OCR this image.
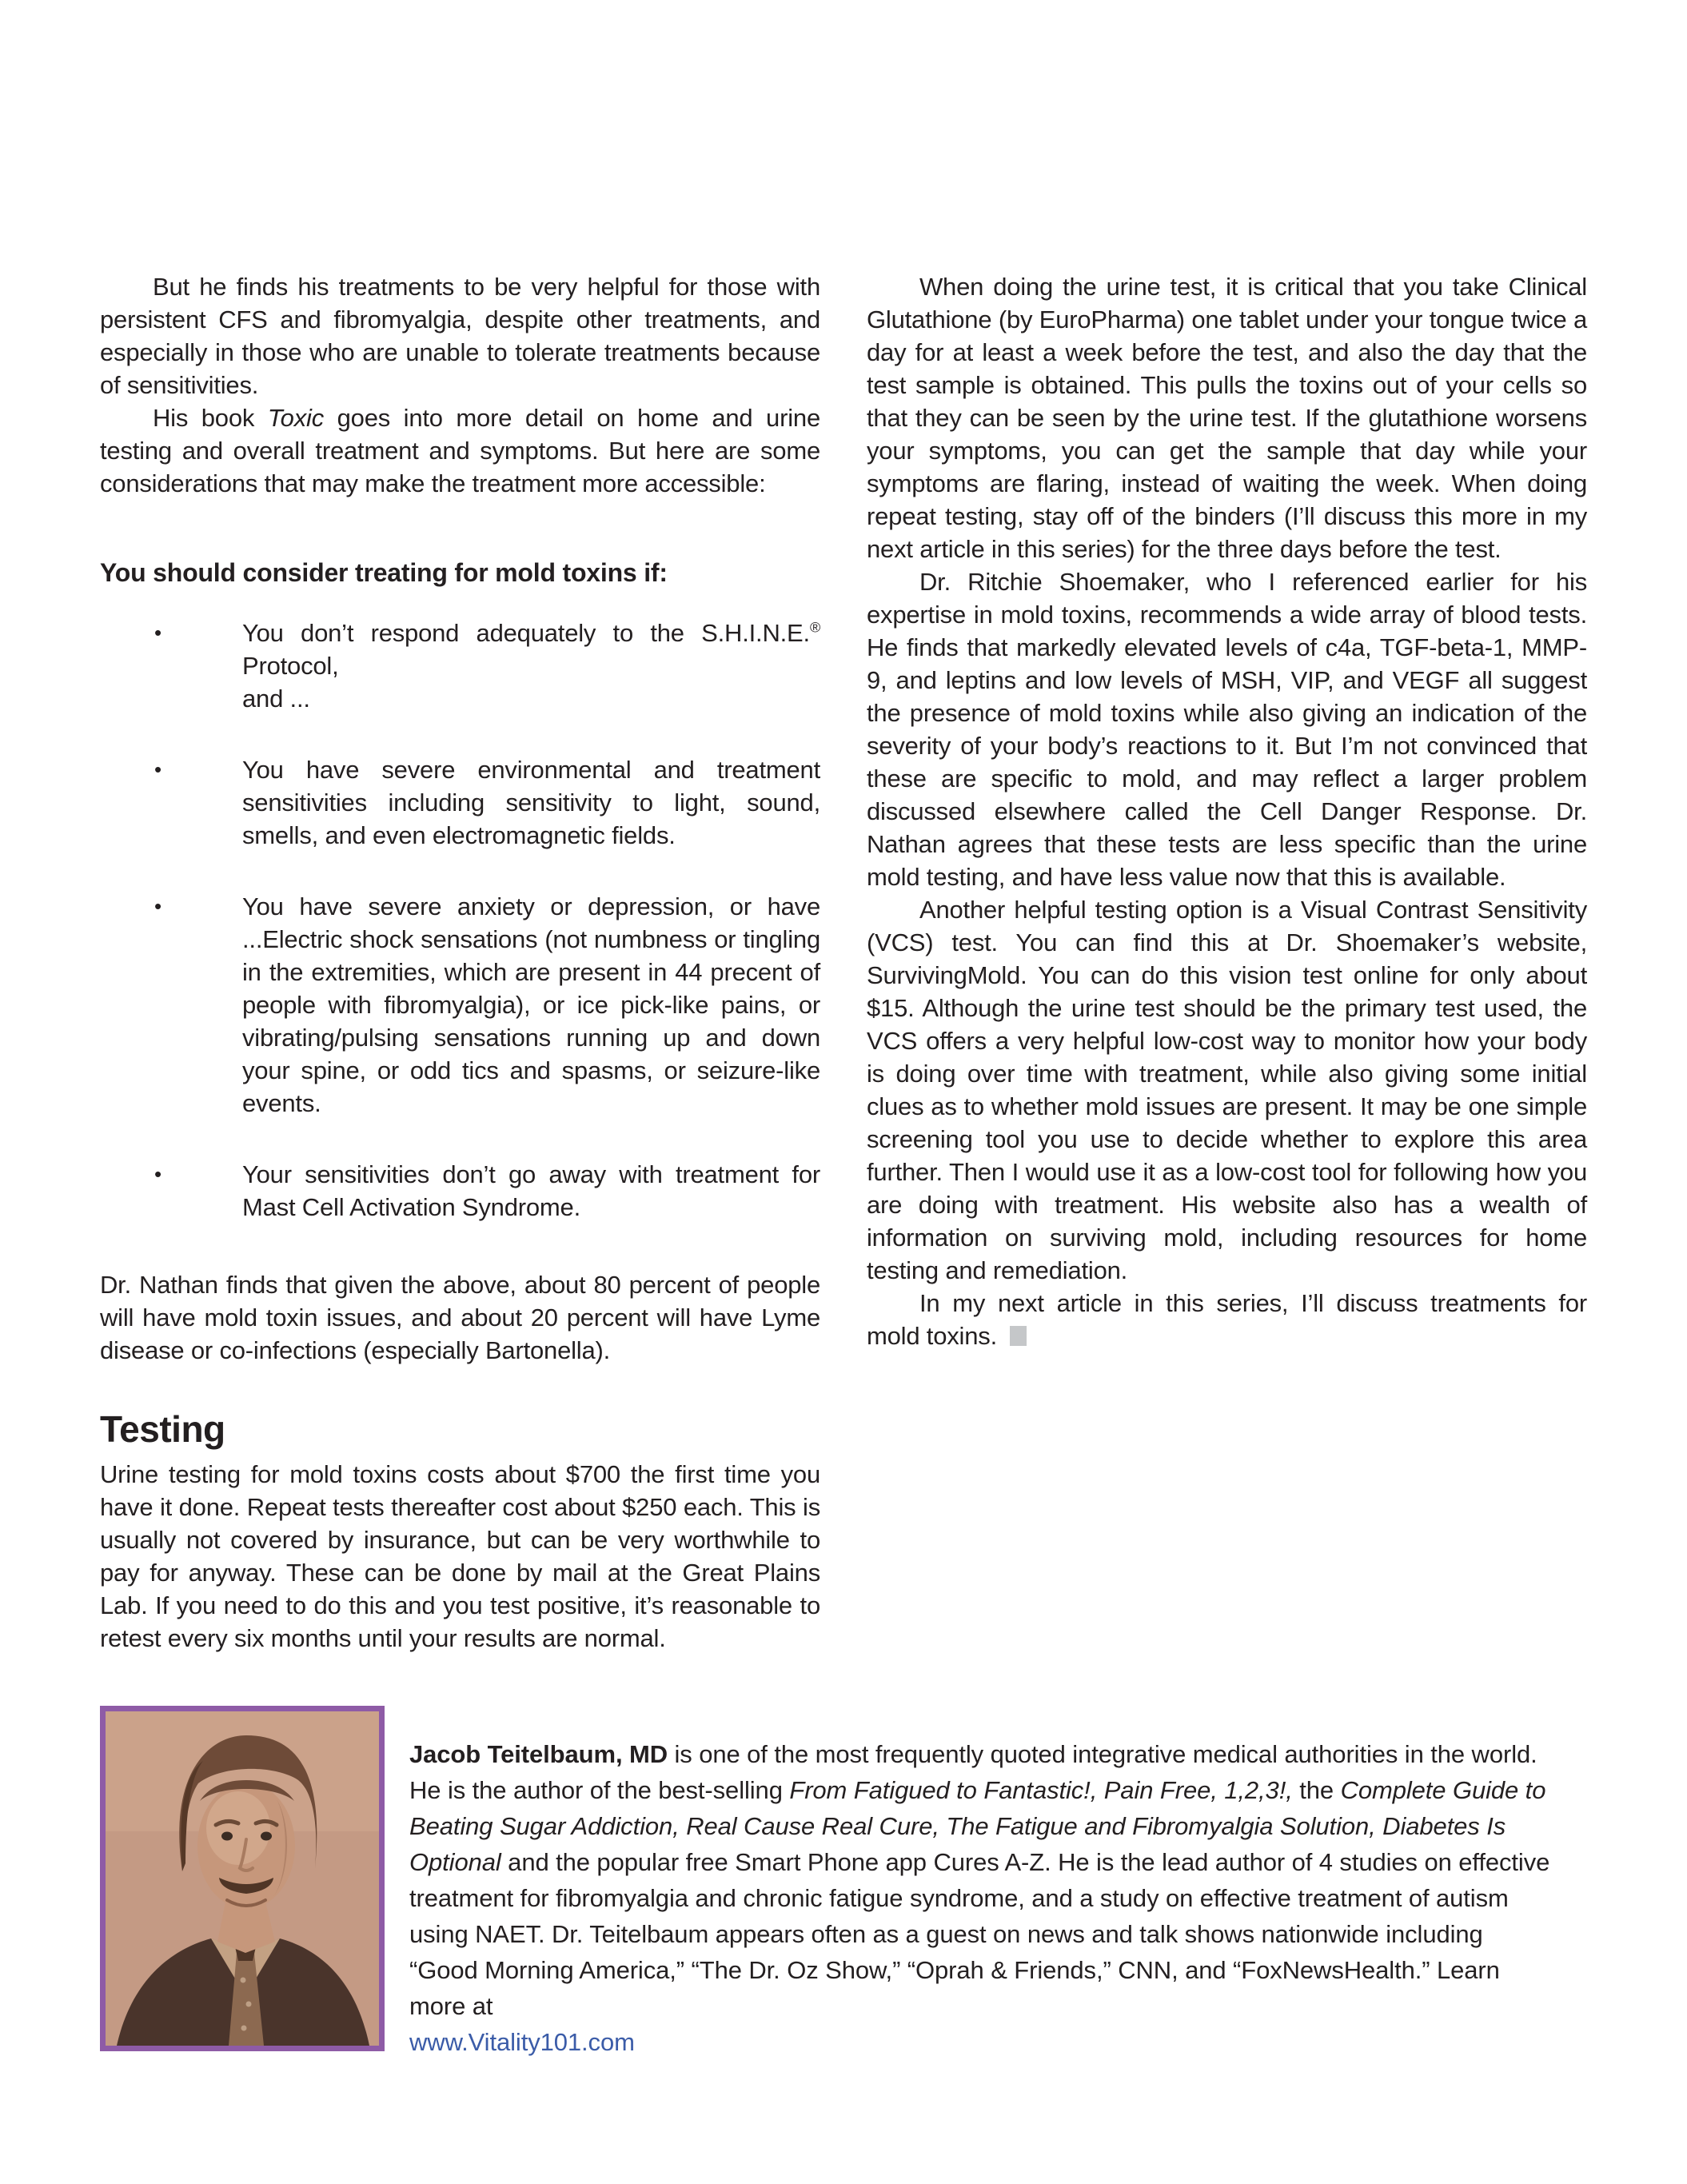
But he finds his treatments to be very helpful for those with persistent CFS and fibromyalgia, despite other treatments, and especially in those who are unable to tolerate treatments because of sensitivities.

His book Toxic goes into more detail on home and urine testing and overall treatment and symptoms. But here are some considerations that may make the treatment more accessible:

You should consider treating for mold toxins if:
•	You don’t respond adequately to the S.H.I.N.E.® Protocol,
and ...
•	You have severe environmental and treatment sensitivities including sensitivity to light, sound, smells, and even electromagnetic fields.
•	You have severe anxiety or depression, or have ...Electric shock sensations (not numbness or tingling in the extremities, which are present in 44 precent of people with fibromyalgia), or ice pick-like pains, or vibrating/pulsing sensations running up and down your spine, or odd tics and spasms, or seizure-like events.
•	Your sensitivities don’t go away with treatment for Mast Cell Activation Syndrome.

Dr. Nathan finds that given the above, about 80 percent of people will have mold toxin issues, and about 20 percent will have Lyme disease or co-infections (especially Bartonella).

Testing

Urine testing for mold toxins costs about $700 the first time you have it done. Repeat tests thereafter cost about $250 each. This is usually not covered by insurance, but can be very worthwhile to pay for anyway. These can be done by mail at the Great Plains Lab. If you need to do this and you test positive, it’s reasonable to retest every six months until your results are normal.

When doing the urine test, it is critical that you take Clinical Glutathione (by EuroPharma) one tablet under your tongue twice a day for at least a week before the test, and also the day that the test sample is obtained. This pulls the toxins out of your cells so that they can be seen by the urine test. If the glutathione worsens your symptoms, you can get the sample that day while your symptoms are flaring, instead of waiting the week. When doing repeat testing, stay off of the binders (I’ll discuss this more in my next article in this series) for the three days before the test.

Dr. Ritchie Shoemaker, who I referenced earlier for his expertise in mold toxins, recommends a wide array of blood tests. He finds that markedly elevated levels of c4a, TGF-beta-1, MMP-9, and leptins and low levels of MSH, VIP, and VEGF all suggest the presence of mold toxins while also giving an indication of the severity of your body’s reactions to it. But I’m not convinced that these are specific to mold, and may reflect a larger problem discussed elsewhere called the Cell Danger Response. Dr. Nathan agrees that these tests are less specific than the urine mold testing, and have less value now that this is available.

Another helpful testing option is a Visual Contrast Sensitivity (VCS) test. You can find this at Dr. Shoemaker’s website, SurvivingMold. You can do this vision test online for only about $15. Although the urine test should be the primary test used, the VCS offers a very helpful low-cost way to monitor how your body is doing over time with treatment, while also giving some initial clues as to whether mold issues are present. It may be one simple screening tool you use to decide whether to explore this area further. Then I would use it as a low-cost tool for following how you are doing with treatment. His website also has a wealth of information on surviving mold, including resources for home testing and remediation.

In my next article in this series, I’ll discuss treatments for mold toxins.

Jacob Teitelbaum, MD is one of the most frequently quoted integrative medical authorities in the world. He is the author of the best-selling From Fatigued to Fantastic!, Pain Free, 1,2,3!, the Complete Guide to Beating Sugar Addiction, Real Cause Real Cure, The Fatigue and Fibromyalgia Solution, Diabetes Is Optional and the popular free Smart Phone app Cures A-Z. He is the lead author of 4 studies on effective treatment for fibromyalgia and chronic fatigue syndrome, and a study on effective treatment of autism using NAET. Dr. Teitelbaum appears often as a guest on news and talk shows nationwide including “Good Morning America,” “The Dr. Oz Show,” “Oprah & Friends,” CNN, and “FoxNewsHealth.” Learn more at

www.Vitality101.com
